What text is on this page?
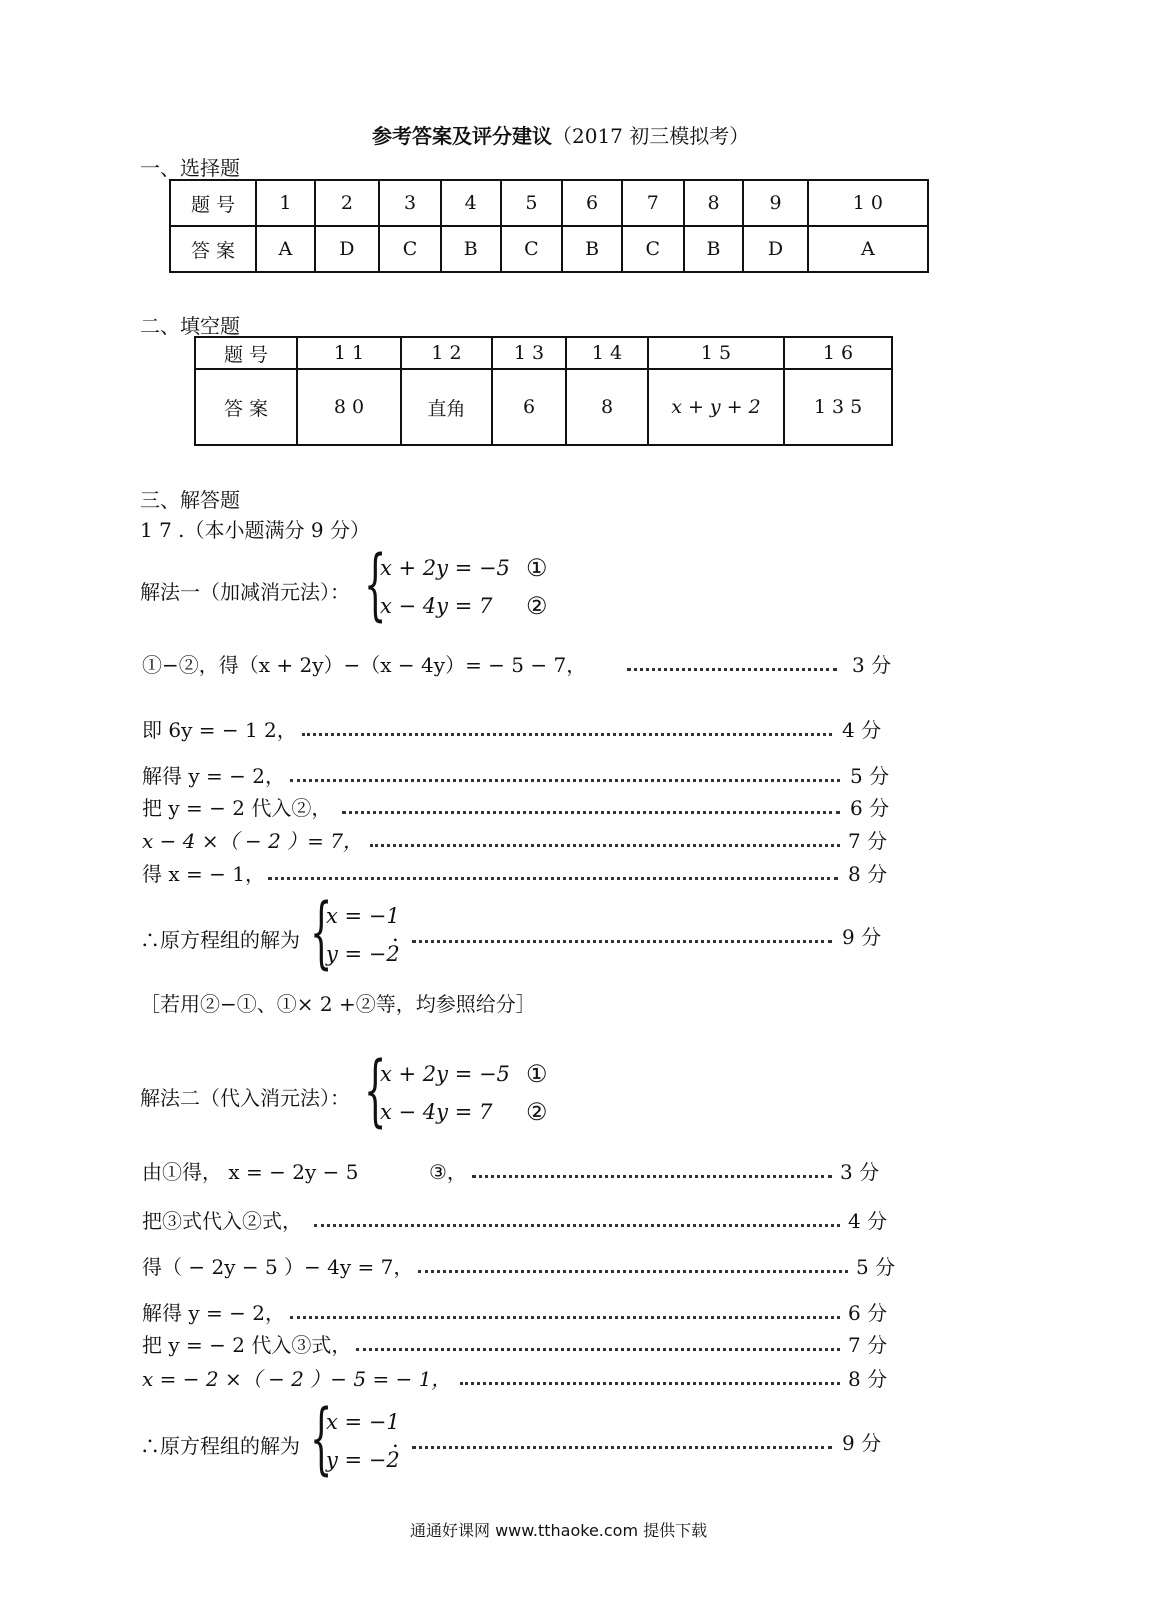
参考答案及评分建议（2017 初三模拟考）
一、选择题
题 号	1	2	3	4	5	6	7	8	9	1 0
答 案	A	D	C	B	C	B	C	B	D	A
二、填空题
题 号	1 1	1 2	1 3	1 4	1 5	1 6
答 案	8 0	直角	6	8	x + y + 2	1 3 5
三、解答题
1 7 .（本小题满分 9 分）
解法一（加减消元法）： {
x + 2y = −5
x − 4y = 7
①
②
①−②，得（x + 2y）−（x − 4y）= − 5 − 7，	3 分
即 6y = − 1 2，	4 分
解得 y = − 2，	5 分
把 y = − 2 代入②，	6 分
x − 4 ×（ − 2 ）= 7，	7 分
得 x = − 1，	8 分
∴原方程组的解为 {
x = −1
y = −2
.	9 分
［若用②−①、①× 2 +②等，均参照给分］
解法二（代入消元法）： {
x + 2y = −5
x − 4y = 7
①
②
由①得， x = − 2y − 5	③，	3 分
把③式代入②式，	4 分
得（ − 2y − 5 ）− 4y = 7，	5 分
解得 y = − 2，	6 分
把 y = − 2 代入③式，	7 分
x = − 2 ×（ − 2 ）− 5 = − 1，	8 分
∴原方程组的解为 {
x = −1
y = −2
.	9 分
通通好课网 www.tthaoke.com 提供下载
